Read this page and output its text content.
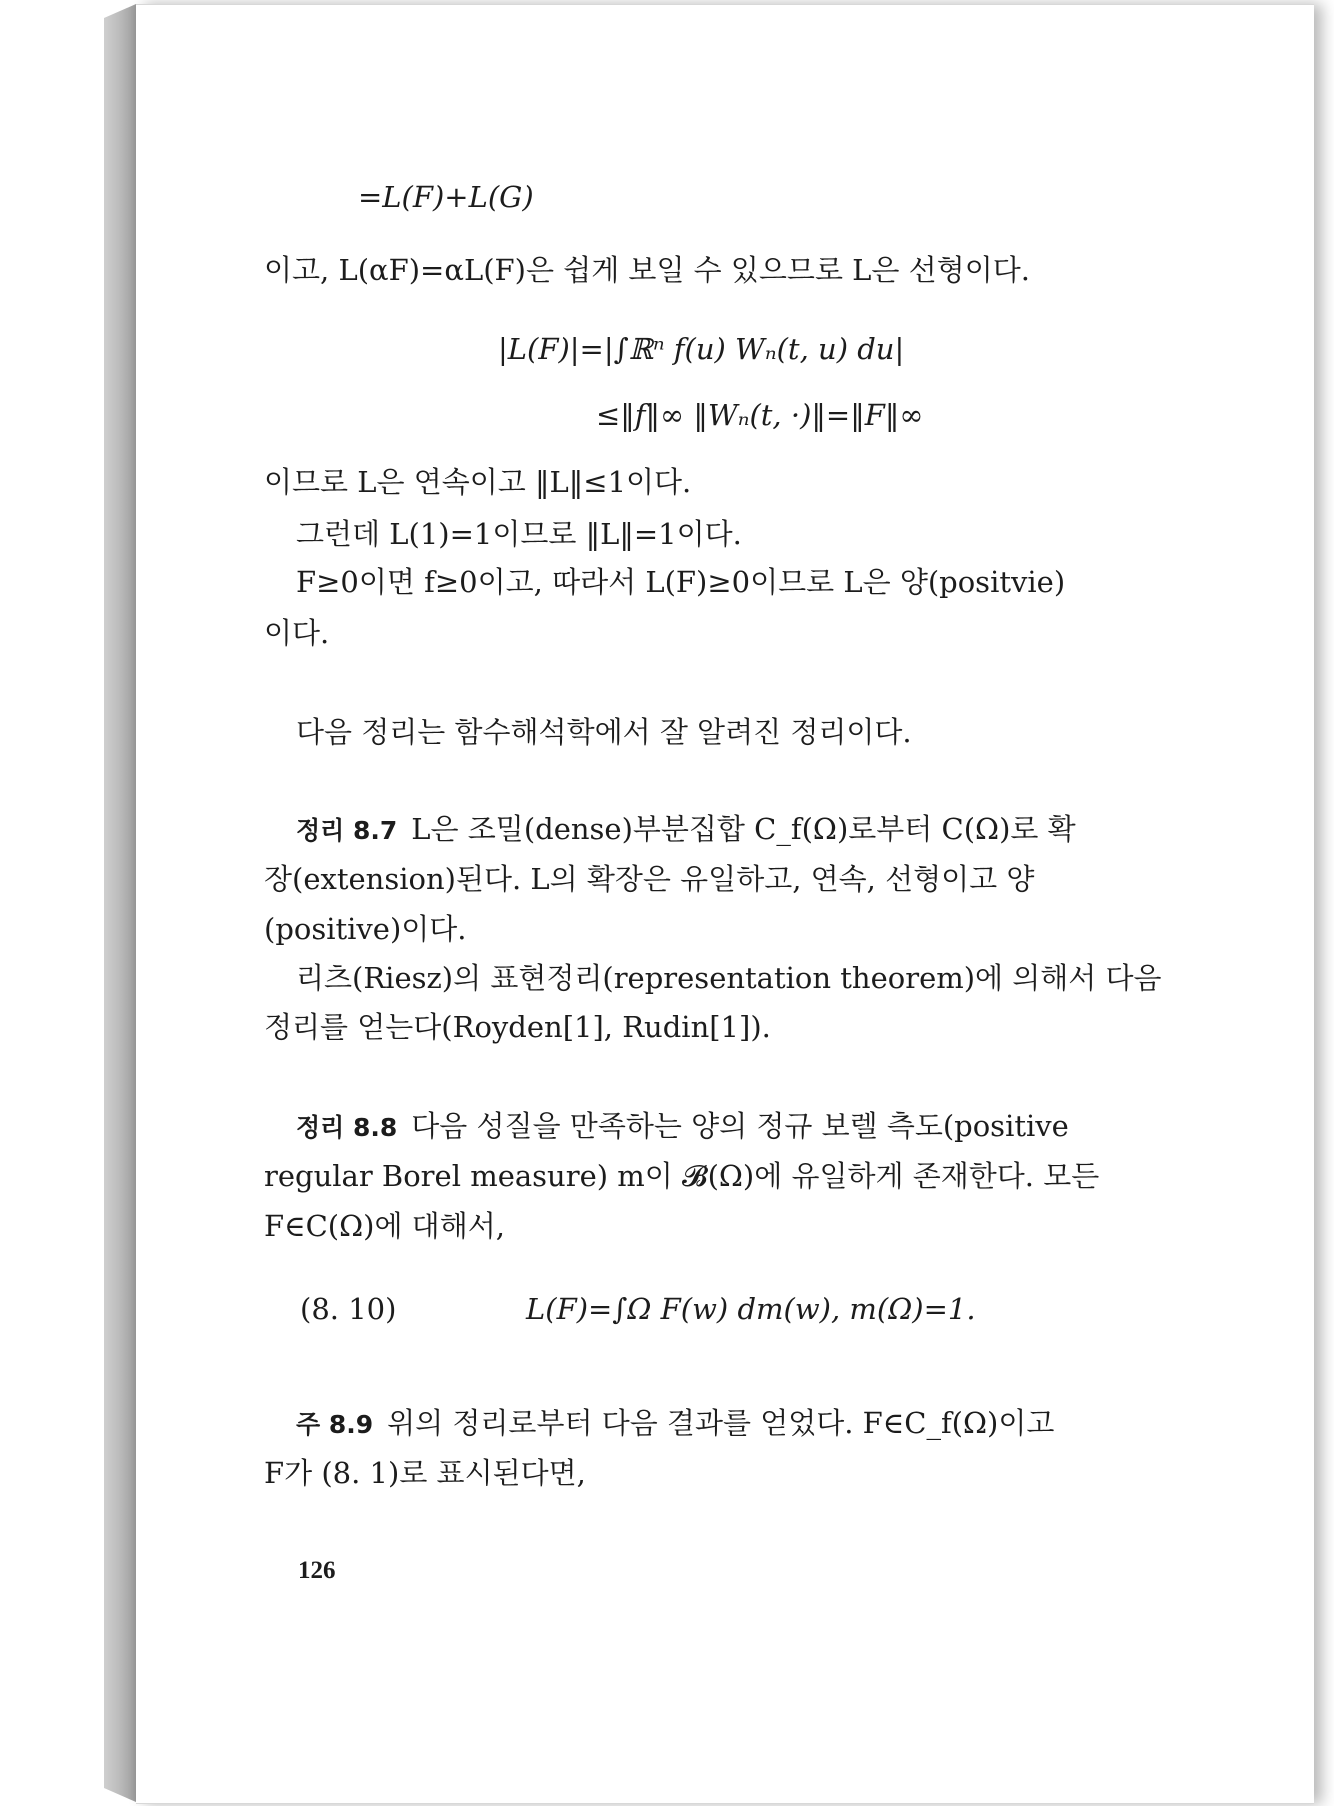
=L(F)+L(G)
이고, L(αF)=αL(F)은 쉽게 보일 수 있으므로 L은 선형이다.
|L(F)|=|∫ℝⁿ f(u) Wₙ(t, u) du|
≤‖f‖∞ ‖Wₙ(t, ·)‖=‖F‖∞
이므로 L은 연속이고 ‖L‖≤1이다.
그런데 L(1)=1이므로 ‖L‖=1이다.
F≥0이면 f≥0이고, 따라서 L(F)≥0이므로 L은 양(positvie)
이다.
다음 정리는 함수해석학에서 잘 알려진 정리이다.
정리 8.7 L은 조밀(dense)부분집합 C_f(Ω)로부터 C(Ω)로 확
장(extension)된다. L의 확장은 유일하고, 연속, 선형이고 양
(positive)이다.
리츠(Riesz)의 표현정리(representation theorem)에 의해서 다음
정리를 얻는다(Royden[1], Rudin[1]).
정리 8.8 다음 성질을 만족하는 양의 정규 보렐 측도(positive
regular Borel measure) m이 𝓑(Ω)에 유일하게 존재한다. 모든
F∈C(Ω)에 대해서,
(8. 10)	L(F)=∫Ω F(w) dm(w), m(Ω)=1.
주 8.9 위의 정리로부터 다음 결과를 얻었다. F∈C_f(Ω)이고
F가 (8. 1)로 표시된다면,
126
